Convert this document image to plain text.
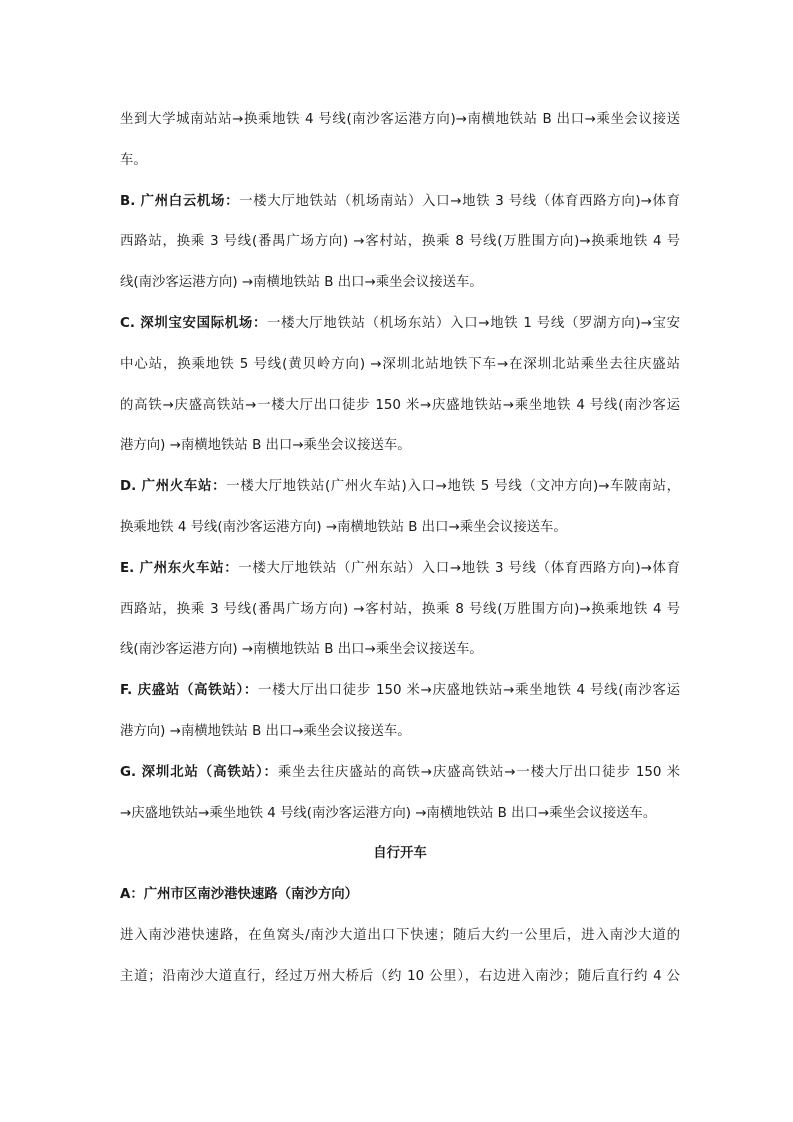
坐到大学城南站站→换乘地铁 4 号线(南沙客运港方向)→南横地铁站 B 出口→乘坐会议接送
车。
B. 广州白云机场：一楼大厅地铁站（机场南站）入口→地铁 3 号线（体育西路方向)→体育
西路站，换乘 3 号线(番禺广场方向) →客村站，换乘 8 号线(万胜围方向)→换乘地铁 4 号
线(南沙客运港方向) →南横地铁站 B 出口→乘坐会议接送车。
C. 深圳宝安国际机场：一楼大厅地铁站（机场东站）入口→地铁 1 号线（罗湖方向)→宝安
中心站，换乘地铁 5 号线(黄贝岭方向) →深圳北站地铁下车→在深圳北站乘坐去往庆盛站
的高铁→庆盛高铁站→一楼大厅出口徒步 150 米→庆盛地铁站→乘坐地铁 4 号线(南沙客运
港方向) →南横地铁站 B 出口→乘坐会议接送车。
D. 广州火车站：一楼大厅地铁站(广州火车站)入口→地铁 5 号线（文冲方向)→车陂南站，
换乘地铁 4 号线(南沙客运港方向) →南横地铁站 B 出口→乘坐会议接送车。
E. 广州东火车站：一楼大厅地铁站（广州东站）入口→地铁 3 号线（体育西路方向)→体育
西路站，换乘 3 号线(番禺广场方向) →客村站，换乘 8 号线(万胜围方向)→换乘地铁 4 号
线(南沙客运港方向) →南横地铁站 B 出口→乘坐会议接送车。
F. 庆盛站（高铁站）：一楼大厅出口徒步 150 米→庆盛地铁站→乘坐地铁 4 号线(南沙客运
港方向) →南横地铁站 B 出口→乘坐会议接送车。
G. 深圳北站（高铁站）：乘坐去往庆盛站的高铁→庆盛高铁站→一楼大厅出口徒步 150 米
→庆盛地铁站→乘坐地铁 4 号线(南沙客运港方向) →南横地铁站 B 出口→乘坐会议接送车。
自行开车
A：广州市区南沙港快速路（南沙方向）
进入南沙港快速路，在鱼窝头/南沙大道出口下快速；随后大约一公里后，进入南沙大道的
主道；沿南沙大道直行，经过万州大桥后（约 10 公里），右边进入南沙；随后直行约 4 公
